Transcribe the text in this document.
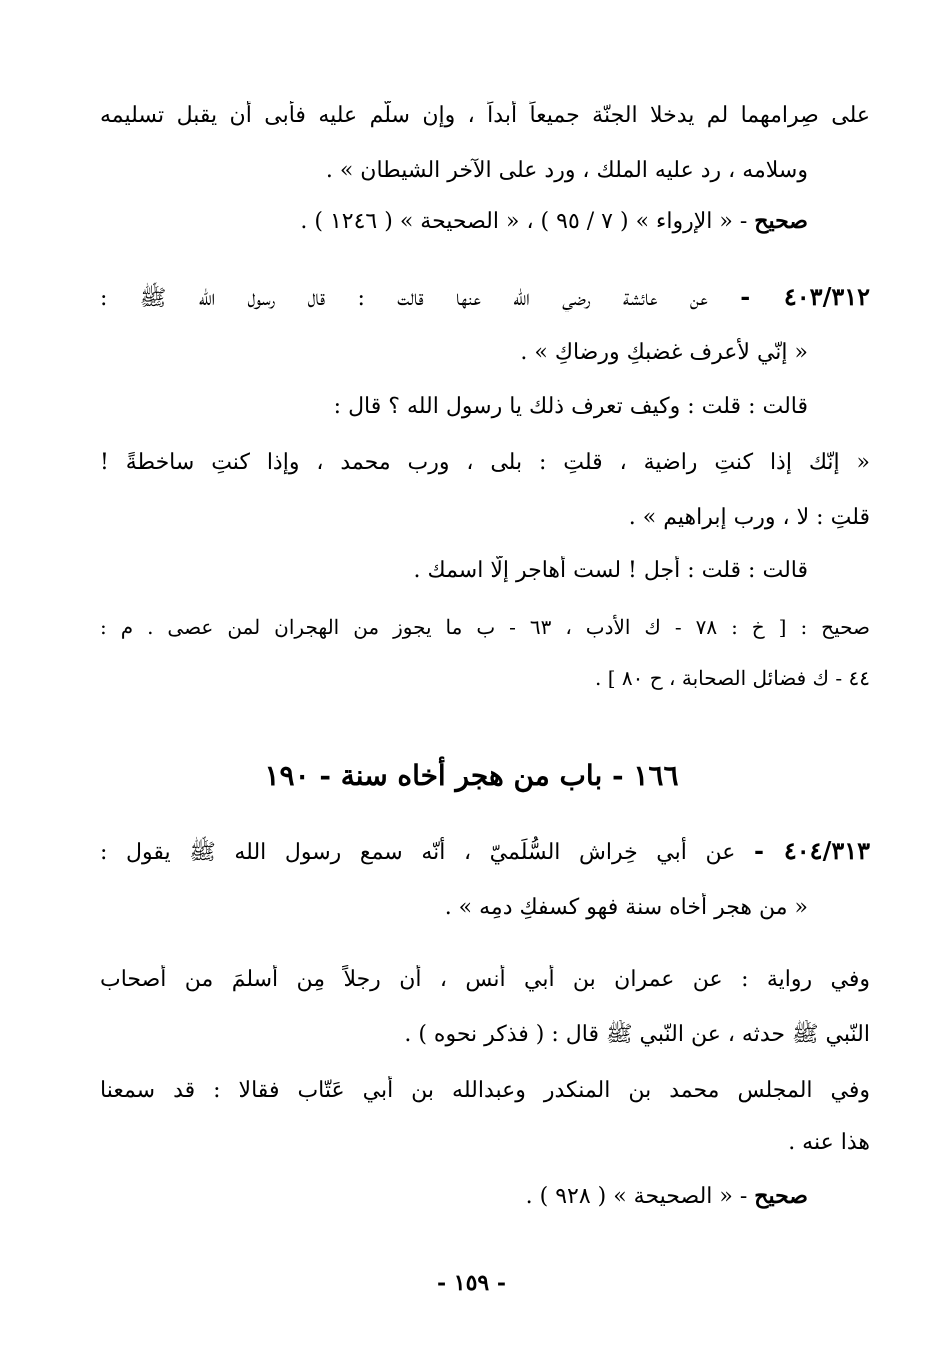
على صِرامهما لم يدخلا الجنّة جميعاً أبداً ، وإن سلَّم عليه فأبى أن يقبل تسليمه
وسلامه ، رد عليه الملك ، ورد على الآخر الشيطان » .
صحيح - « الإرواء » ( ٧ / ٩٥ ) ، « الصحيحة » ( ١٢٤٦ ) .
٤٠٣/٣١٢ - عن عائشة رضي الله عنها قالت : قال رسول الله ﷺ :
« إنّي لأعرف غضبكِ ورضاكِ » .
قالت : قلت : وكيف تعرف ذلك يا رسول الله ؟ قال :
« إنّك إذا كنتِ راضية ، قلتِ : بلى ، ورب محمد ، وإذا كنتِ ساخطةً !
قلتِ : لا ، ورب إبراهيم » .
قالت : قلت : أجل ! لست أهاجر إلّا اسمك .
صحيح : [ خ : ٧٨ - ك الأدب ، ٦٣ - ب ما يجوز من الهجران لمن عصى . م :
٤٤ - ك فضائل الصحابة ، ح ٨٠ ] .
١٦٦ - باب من هجر أخاه سنة - ١٩٠
٤٠٤/٣١٣ - عن أبي خِراش السُّلَميّ ، أنّه سمع رسول الله ﷺ يقول :
« من هجر أخاه سنة فهو كسفكِ دمِه » .
وفي رواية : عن عمران بن أبي أنس ، أن رجلاً مِن أسلمَ من أصحاب
النّبي ﷺ حدثه ، عن النّبي ﷺ قال : ( فذكر نحوه ) .
وفي المجلس محمد بن المنكدر وعبدالله بن أبي عَتّاب فقالا : قد سمعنا
هذا عنه .
صحيح - « الصحيحة » ( ٩٢٨ ) .
- ١٥٩ -
